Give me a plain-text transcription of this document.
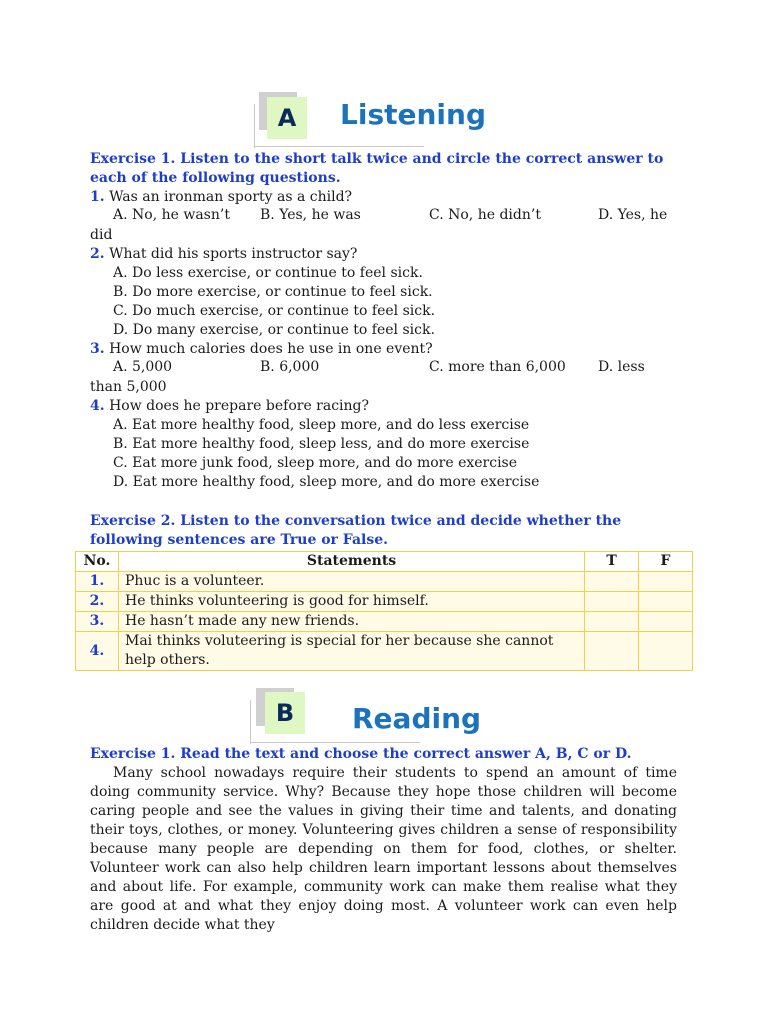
A	Listening
Exercise 1. Listen to the short talk twice and circle the correct answer to each of the following questions.
1. Was an ironman sporty as a child?
A. No, he wasn’t B. Yes, he was	C. No, he didn’t	D. Yes, he
did
2. What did his sports instructor say?
A. Do less exercise, or continue to feel sick.
B. Do more exercise, or continue to feel sick.
C. Do much exercise, or continue to feel sick.
D. Do many exercise, or continue to feel sick.
3. How much calories does he use in one event?
A. 5,000	B. 6,000	C. more than 6,000 D. less
than 5,000
4. How does he prepare before racing?
A. Eat more healthy food, sleep more, and do less exercise
B. Eat more healthy food, sleep less, and do more exercise
C. Eat more junk food, sleep more, and do more exercise
D. Eat more healthy food, sleep more, and do more exercise
Exercise 2. Listen to the conversation twice and decide whether the following sentences are True or False.
No.	Statements	T	F
1.	Phuc is a volunteer.		
2.	He thinks volunteering is good for himself.		
3.	He hasn’t made any new friends.		
4.	Mai thinks voluteering is special for her because she cannot help others.		
B	Reading
Exercise 1. Read the text and choose the correct answer A, B, C or D.
Many school nowadays require their students to spend an amount of time doing community service. Why? Because they hope those children will become caring people and see the values in giving their time and talents, and donating their toys, clothes, or money. Volunteering gives children a sense of responsibility because many people are depending on them for food, clothes, or shelter. Volunteer work can also help children learn important lessons about themselves and about life. For example, community work can make them realise what they are good at and what they enjoy doing most. A volunteer work can even help children decide what they
